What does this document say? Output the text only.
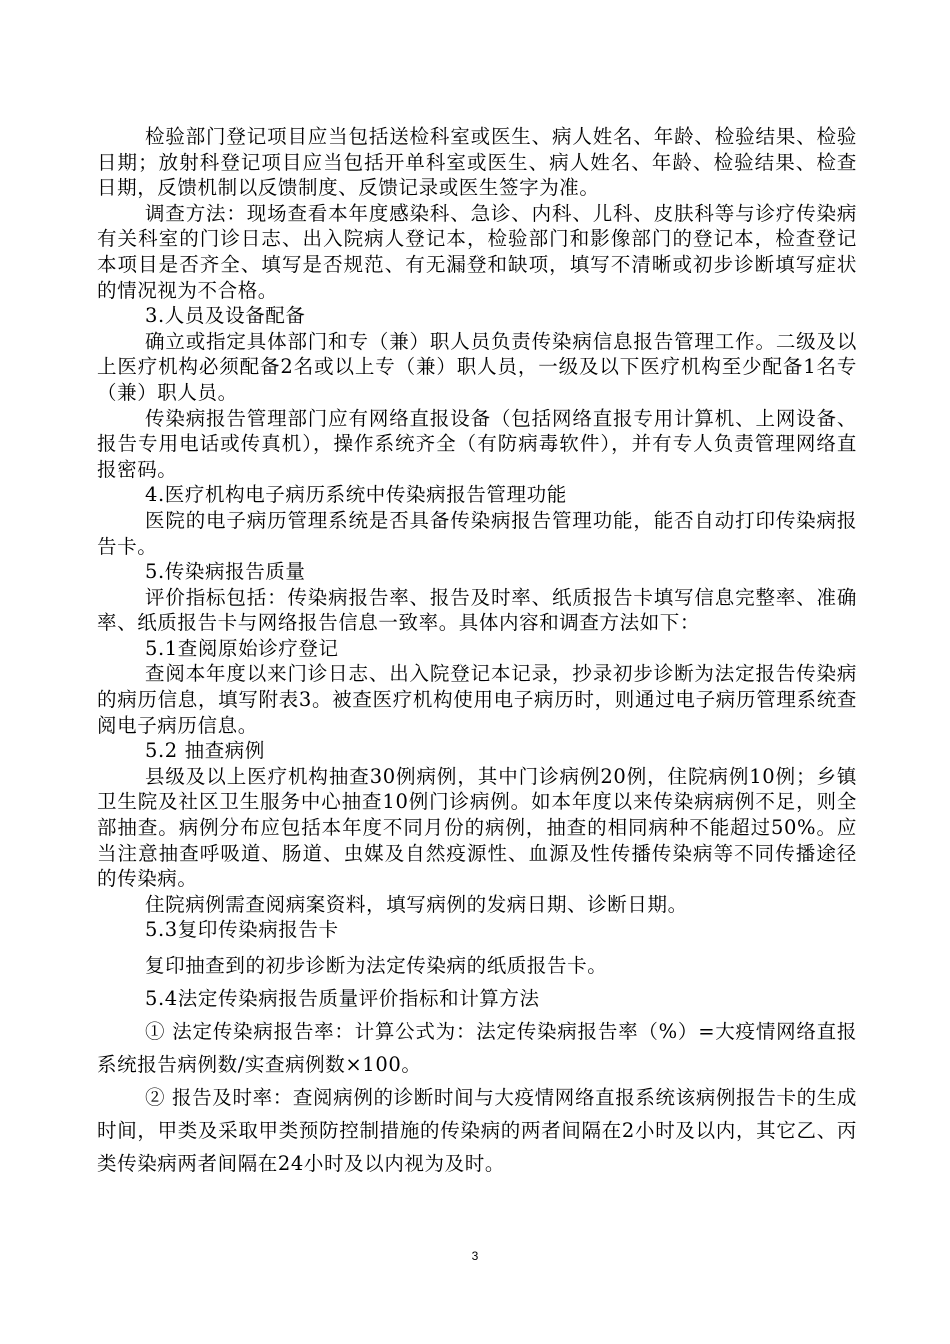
检验部门登记项目应当包括送检科室或医生、病人姓名、年龄、检验结果、检验日期；放射科登记项目应当包括开单科室或医生、病人姓名、年龄、检验结果、检查日期，反馈机制以反馈制度、反馈记录或医生签字为准。

调查方法：现场查看本年度感染科、急诊、内科、儿科、皮肤科等与诊疗传染病有关科室的门诊日志、出入院病人登记本，检验部门和影像部门的登记本，检查登记本项目是否齐全、填写是否规范、有无漏登和缺项，填写不清晰或初步诊断填写症状的情况视为不合格。

3.人员及设备配备

确立或指定具体部门和专（兼）职人员负责传染病信息报告管理工作。二级及以上医疗机构必须配备2名或以上专（兼）职人员，一级及以下医疗机构至少配备1名专（兼）职人员。

传染病报告管理部门应有网络直报设备（包括网络直报专用计算机、上网设备、报告专用电话或传真机），操作系统齐全（有防病毒软件），并有专人负责管理网络直报密码。

4.医疗机构电子病历系统中传染病报告管理功能

医院的电子病历管理系统是否具备传染病报告管理功能，能否自动打印传染病报告卡。

5.传染病报告质量

评价指标包括：传染病报告率、报告及时率、纸质报告卡填写信息完整率、准确率、纸质报告卡与网络报告信息一致率。具体内容和调查方法如下：

5.1查阅原始诊疗登记

查阅本年度以来门诊日志、出入院登记本记录，抄录初步诊断为法定报告传染病的病历信息，填写附表3。被查医疗机构使用电子病历时，则通过电子病历管理系统查阅电子病历信息。

5.2 抽查病例

县级及以上医疗机构抽查30例病例，其中门诊病例20例，住院病例10例；乡镇卫生院及社区卫生服务中心抽查10例门诊病例。如本年度以来传染病病例不足，则全部抽查。病例分布应包括本年度不同月份的病例，抽查的相同病种不能超过50%。应当注意抽查呼吸道、肠道、虫媒及自然疫源性、血源及性传播传染病等不同传播途径的传染病。

住院病例需查阅病案资料，填写病例的发病日期、诊断日期。

5.3复印传染病报告卡

复印抽查到的初步诊断为法定传染病的纸质报告卡。

5.4法定传染病报告质量评价指标和计算方法

① 法定传染病报告率：计算公式为：法定传染病报告率（%）=大疫情网络直报系统报告病例数/实查病例数×100。

② 报告及时率：查阅病例的诊断时间与大疫情网络直报系统该病例报告卡的生成时间，甲类及采取甲类预防控制措施的传染病的两者间隔在2小时及以内，其它乙、丙类传染病两者间隔在24小时及以内视为及时。

3
